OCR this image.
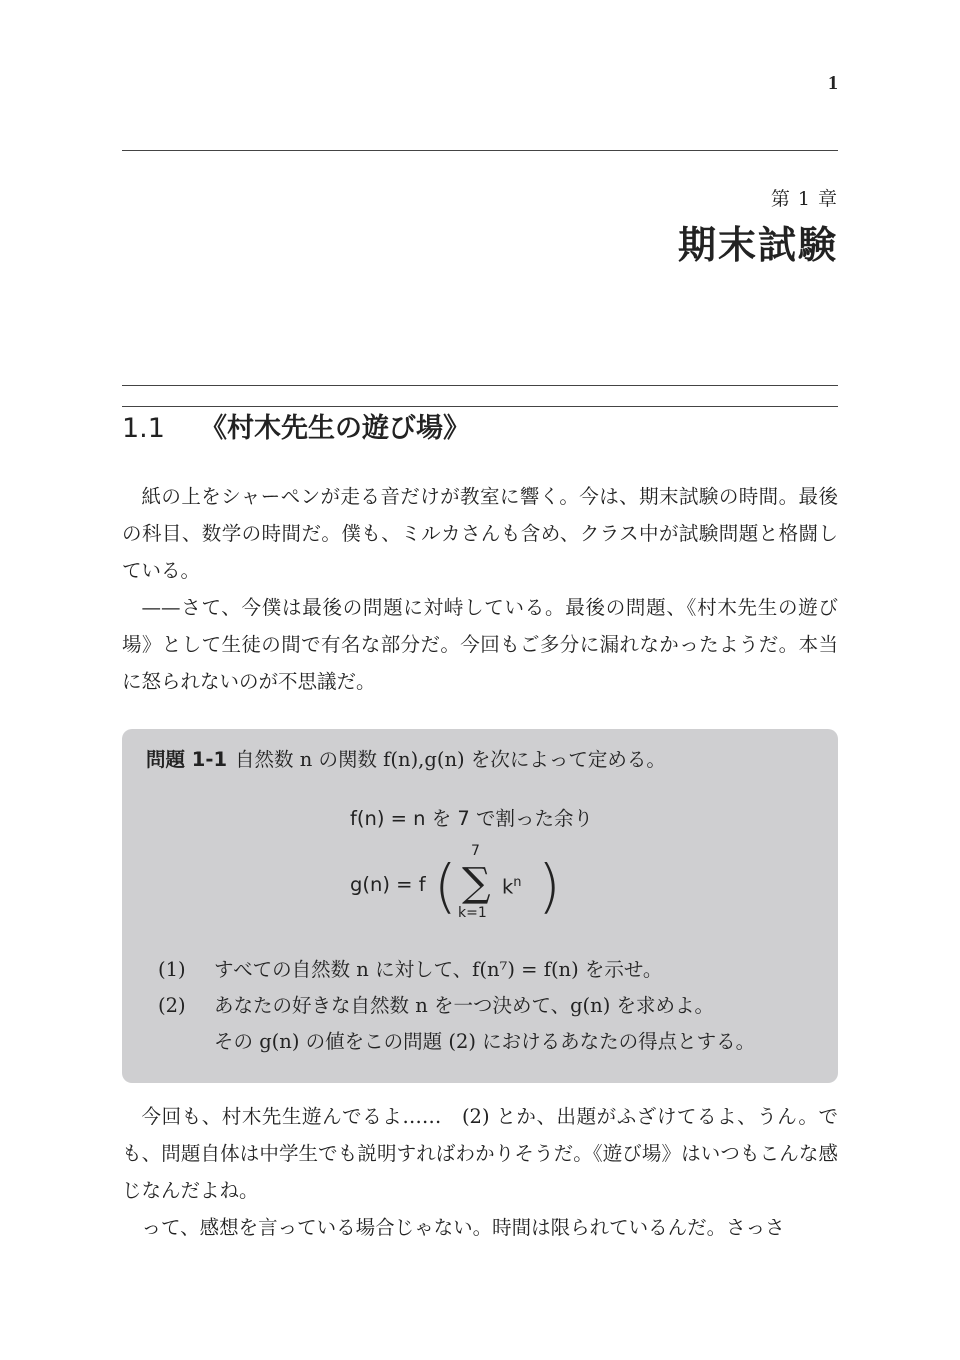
1
第 1 章
期末試験
1.1 《村木先生の遊び場》

紙の上をシャーペンが走る音だけが教室に響く。今は、期末試験の時間。最後の科目、数学の時間だ。僕も、ミルカさんも含め、クラス中が試験問題と格闘している。

——さて、今僕は最後の問題に対峙している。最後の問題、《村木先生の遊び場》として生徒の間で有名な部分だ。今回もご多分に漏れなかったようだ。本当に怒られないのが不思議だ。

問題 1-1 自然数 n の関数 f(n),g(n) を次によって定める。
f(n) = n を 7 で割った余り
g(n) = f (
7
∑
k=1
$k^n$ )
(1) すべての自然数 n に対して、f(n⁷) = f(n) を示せ。
(2) あなたの好きな自然数 n を一つ決めて、g(n) を求めよ。
その g(n) の値をこの問題 (2) におけるあなたの得点とする。

今回も、村木先生遊んでるよ……　(2) とか、出題がふざけてるよ、うん。でも、問題自体は中学生でも説明すればわかりそうだ。《遊び場》はいつもこんな感じなんだよね。

って、感想を言っている場合じゃない。時間は限られているんだ。さっさ
